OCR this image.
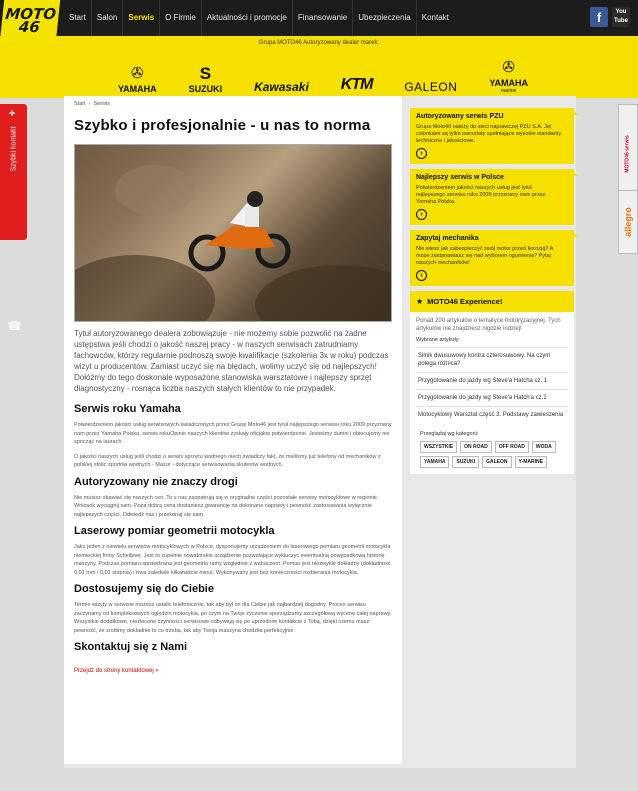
MOTO 46
Start	Salon	Serwis	O Firmie	Aktualności i promocje	Finansowanie	Ubezpieczenia	Kontakt	f	You Tube
Grupa MOTO46 Autoryzowany dealer marek:
✇
YAMAHA
S
SUZUKI	Kawasaki KTM	GALEON
✇
YAMAHA
marine
+
Szybki kontakt
☎
MOTO46 serwis
allegro
Start › Serwis
Szybko i profesjonalnie - u nas to norma

Tytuł autoryzowanego dealera zobowiązuje - nie możemy sobie pozwolić na żadne ustępstwa jeśli chodzi o jakość naszej pracy - w naszych serwisach zatrudniamy fachowców, którzy regularnie podnoszą swoje kwalifikacje (szkolenia 3x w roku) podczas wizyt u producentów. Zamiast uczyć się na błędach, wolimy uczyć się od najlepszych! Dołóżmy do tego doskonale wyposażone stanowiska warsztatowe i najlepszy sprzęt diagnostyczny - rosnąca liczba naszych stałych klientów to nie przypadek.

Serwis roku Yamaha

Potwierdzeniem jakości usług serwisowych świadczonych przez Grupę Moto46 jest tytuł najlepszego serwisu roku 2009 przyznany nam przez Yamaha Polska, serwis rokuOpinie naszych klientów zyskały oficjalne potwierdzenie. Jesteśmy dumni i obiecujemy nie spocząć na laurach.

O jakości naszych usług jeśli chodzi o serwis sprzętu wodnego niech świadczy fakt, że mieliśmy już telefony od mechaników z polskiej stolic sportów wodnych - Mazur - dotyczące serwisowania skuterów wodnych.

Autoryzowany nie znaczy drogi

Nie musisz obawiać się naszych cen. To u nas zaopatrują się w oryginalne części pozostałe serwisy motocyklowe w regionie. Wniosek wyciągnij sam. Poza dobrą ceną dostaniesz gwarancję na dokonane naprawy i pewność zastosowania wyłącznie najlepszych części. Odwiedź nas i przekonaj się sam.

Laserowy pomiar geometrii motocykla

Jako jeden z niewielu serwisów motocyklowych w Polsce, dysponujemy urządzeniem do laserowego pomiaru geometrii motocykla niemieckiej firmy Scheibner. Jest to zupełnie nowatorskie urządzenie pozwalające wykluczyć ewentualną powypadkową historię maszyny. Podczas pomiaru sprawdzana jest geometria ramy względnie z wahaczem. Pomiar jest niezwykle dokładny (dokładność 0,01 mm / 0,01 stopnia) i trwa zaledwie kilkanaście minut. Wykonywany jest bez konieczności rozbierania motocykla.

Dostosujemy się do Ciebie

Termin wizyty w serwisie możesz ustalić telefonicznie, tak aby był on dla Ciebie jak najbardziej dogodny. Proces serwisu zaczynamy od kompleksowych oględzin motocykla, po czym na Twoje życzenie sporządzamy szczegółową wycenę całej naprawy. Wszystkie dodatkowe, niezlecone czynności serwisowe odbywają się po uprzednim kontakcie z Tobą, dzięki czemu masz pewność, że zrobimy dokładnie to co trzeba, tak aby Twoja maszyna chodziła perfekcyjnie.

Skontaktuj się z Nami
Przejdź do strony kontaktowej »
Autoryzowany serwis PZU

Grupa Moto46 należy do sieci naprawczej PZU S.A. Jej członkami są tylko warsztaty spełniające wysokie standardy techniczne i jakościowe.

›
Najlepszy serwis w Polsce

Potwierdzeniem jakości naszych usług jest tytuł najlepszego serwisu roku 2009 przyznany nam przez Yamaha Polska.

›
Zapytaj mechanika

Nie wiesz jak zabezpieczyć swój motor przed korozją? A może zastanawiasz się nad wyborem ogumienia? Pytaj naszych mechaników!

›
★ MOTO46 Experience!

Ponad 200 artykułów o tematyce motoryzacyjnej. Tych artykułów nie znajdziesz nigdzie indziej!

Wybrane artykuły:

Silnik dwusuwowy kontra czterosuwowy. Na czym polega różnica?
Przygotowanie do jazdy wg Steve'a Hatcha cz. 1
Przygotowanie do jazdy wg Steve'a Hatch'a cz.2
Motocyklowy Warsztat część 3. Podstawy zawieszenia

Przeglądaj wg kategorii:

WSZYSTKIE	ON ROAD	OFF ROAD	WODA
YAMAHA	SUZUKI	GALEON	Y-MARINE
